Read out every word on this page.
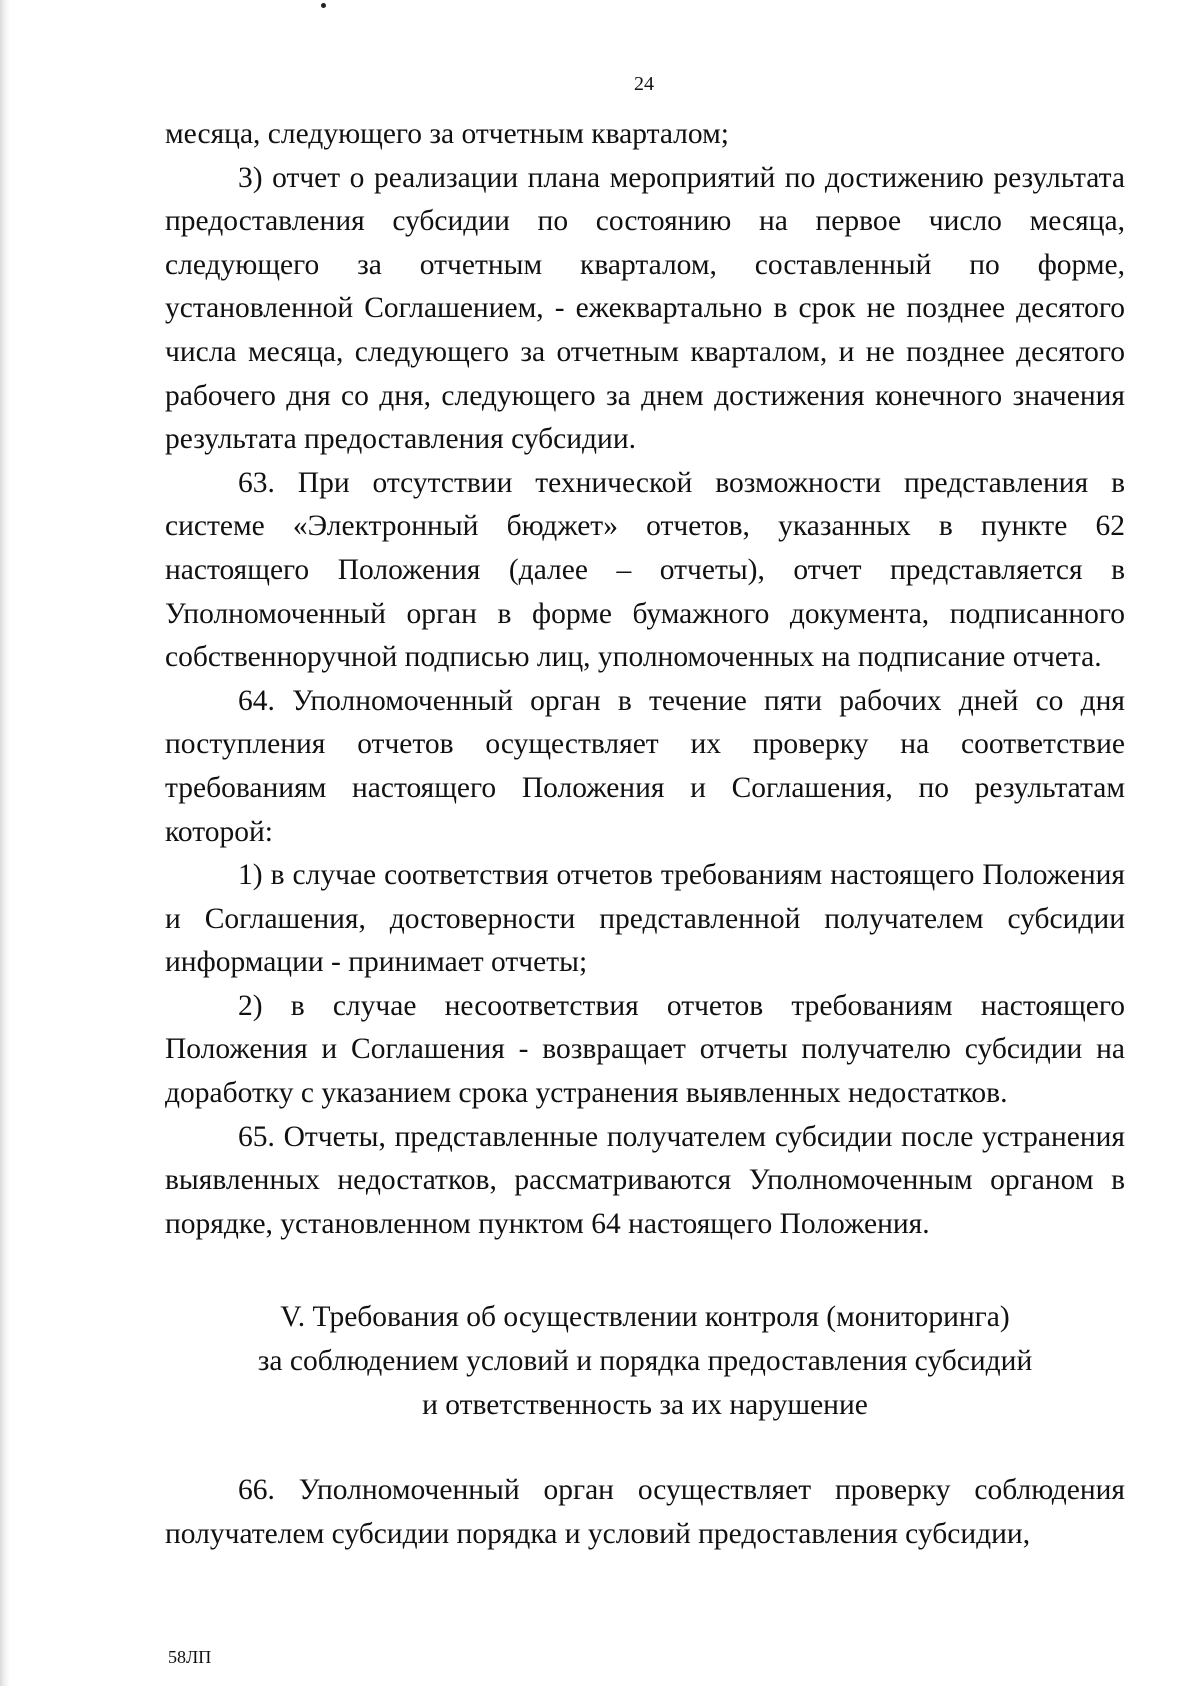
24

месяца, следующего за отчетным кварталом;

3) отчет о реализации плана мероприятий по достижению результата предоставления субсидии по состоянию на первое число месяца, следующего за отчетным кварталом, составленный по форме, установленной Соглашением, - ежеквартально в срок не позднее десятого числа месяца, следующего за отчетным кварталом, и не позднее десятого рабочего дня со дня, следующего за днем достижения конечного значения результата предоставления субсидии.

63. При отсутствии технической возможности представления в системе «Электронный бюджет» отчетов, указанных в пункте 62 настоящего Положения (далее – отчеты), отчет представляется в Уполномоченный орган в форме бумажного документа, подписанного собственноручной подписью лиц, уполномоченных на подписание отчета.

64. Уполномоченный орган в течение пяти рабочих дней со дня поступления отчетов осуществляет их проверку на соответствие требованиям настоящего Положения и Соглашения, по результатам которой:

1) в случае соответствия отчетов требованиям настоящего Положения и Соглашения, достоверности представленной получателем субсидии информации - принимает отчеты;

2) в случае несоответствия отчетов требованиям настоящего Положения и Соглашения - возвращает отчеты получателю субсидии на доработку с указанием срока устранения выявленных недостатков.

65. Отчеты, представленные получателем субсидии после устранения выявленных недостатков, рассматриваются Уполномоченным органом в порядке, установленном пунктом 64 настоящего Положения.

V. Требования об осуществлении контроля (мониторинга)
за соблюдением условий и порядка предоставления субсидий
и ответственность за их нарушение

66. Уполномоченный орган осуществляет проверку соблюдения получателем субсидии порядка и условий предоставления субсидии,

58ЛП
